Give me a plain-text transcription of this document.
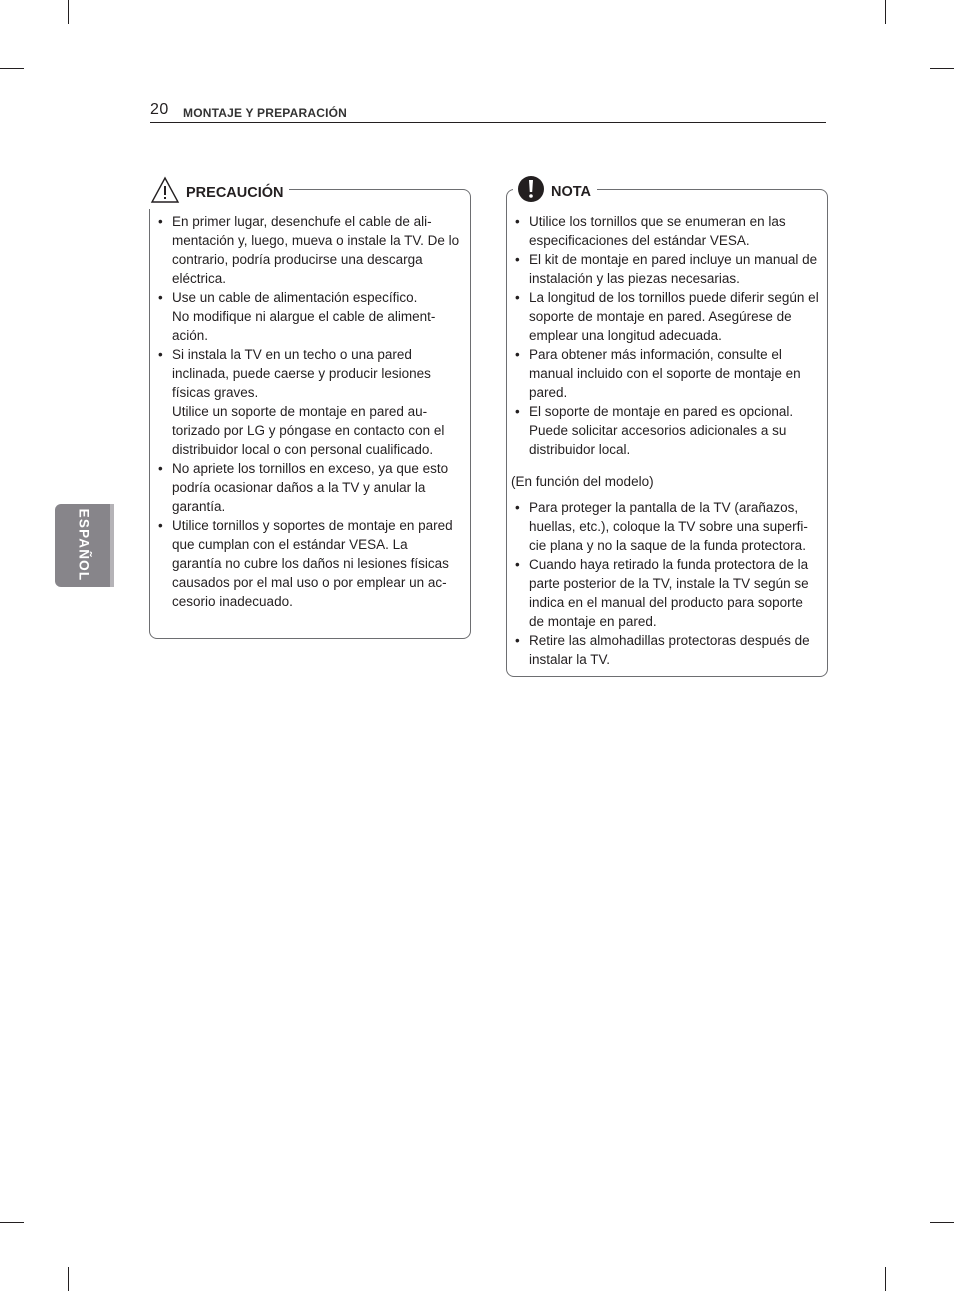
20 MONTAJE Y PREPARACIÓN
ESPAÑOL
PRECAUCIÓN
• En primer lugar, desenchufe el cable de ali-mentación y, luego, mueva o instale la TV. De lo contrario, podría producirse una descarga eléctrica.
• Use un cable de alimentación específico.
No modifique ni alargue el cable de aliment-ación.
• Si instala la TV en un techo o una pared inclinada, puede caerse y producir lesiones físicas graves.
Utilice un soporte de montaje en pared au-torizado por LG y póngase en contacto con el distribuidor local o con personal cualificado.
• No apriete los tornillos en exceso, ya que esto podría ocasionar daños a la TV y anular la garantía.
• Utilice tornillos y soportes de montaje en pared que cumplan con el estándar VESA. La garantía no cubre los daños ni lesiones físicas causados por el mal uso o por emplear un ac-cesorio inadecuado.
NOTA
• Utilice los tornillos que se enumeran en las especificaciones del estándar VESA.
• El kit de montaje en pared incluye un manual de instalación y las piezas necesarias.
• La longitud de los tornillos puede diferir según el soporte de montaje en pared. Asegúrese de emplear una longitud adecuada.
• Para obtener más información, consulte el manual incluido con el soporte de montaje en pared.
• El soporte de montaje en pared es opcional. Puede solicitar accesorios adicionales a su distribuidor local.
(En función del modelo)
• Para proteger la pantalla de la TV (arañazos, huellas, etc.), coloque la TV sobre una superfi-cie plana y no la saque de la funda protectora.
• Cuando haya retirado la funda protectora de la parte posterior de la TV, instale la TV según se indica en el manual del producto para soporte de montaje en pared.
• Retire las almohadillas protectoras después de instalar la TV.
